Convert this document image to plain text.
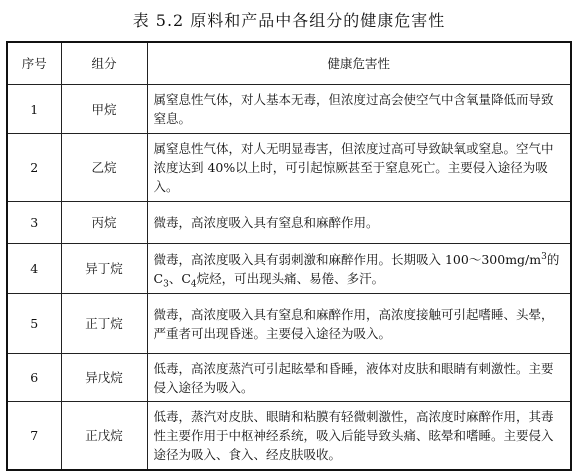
表 5.2 原料和产品中各组分的健康危害性
序号	组分	健康危害性
1	甲烷	属窒息性气体，对人基本无毒，但浓度过高会使空气中含氧量降低而导致窒息。
2	乙烷	属窒息性气体，对人无明显毒害，但浓度过高可导致缺氧或窒息。空气中浓度达到 40%以上时，可引起惊厥甚至于窒息死亡。主要侵入途径为吸入。
3	丙烷	微毒，高浓度吸入具有窒息和麻醉作用。
4	异丁烷	微毒，高浓度吸入具有弱刺激和麻醉作用。长期吸入 $100\sim 300mg/m^3$的 $C_3$、$C_4$烷烃，可出现头痛、易倦、多汗。
5	正丁烷	微毒，高浓度吸入具有窒息和麻醉作用，高浓度接触可引起嗜睡、头晕，严重者可出现昏迷。主要侵入途径为吸入。
6	异戊烷	低毒，高浓度蒸汽可引起眩晕和昏睡，液体对皮肤和眼睛有刺激性。主要侵入途径为吸入。
7	正戊烷	低毒，蒸汽对皮肤、眼睛和粘膜有轻微刺激性，高浓度时麻醉作用，其毒性主要作用于中枢神经系统，吸入后能导致头痛、眩晕和嗜睡。主要侵入途径为吸入、食入、经皮肤吸收。
